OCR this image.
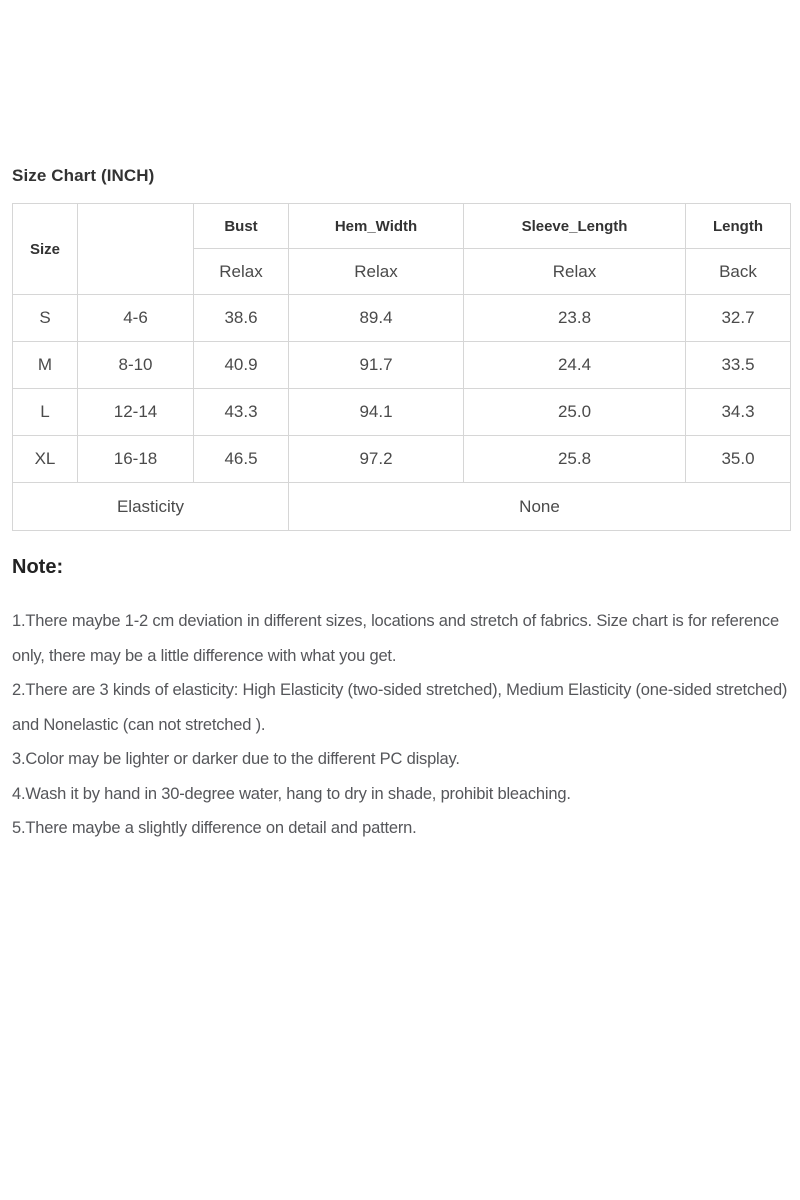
Size Chart (INCH)
Size	US Size	Bust	Hem_Width	Sleeve_Length	Length
		Relax	Relax	Relax	Back
S	4-6	38.6	89.4	23.8	32.7
M	8-10	40.9	91.7	24.4	33.5
L	12-14	43.3	94.1	25.0	34.3
XL	16-18	46.5	97.2	25.8	35.0
Elasticity			None		
Note:

1.There maybe 1-2 cm deviation in different sizes, locations and stretch of fabrics. Size chart is for reference only, there may be a little difference with what you get.

2.There are 3 kinds of elasticity: High Elasticity (two-sided stretched), Medium Elasticity (one-sided stretched) and Nonelastic (can not stretched ).

3.Color may be lighter or darker due to the different PC display.

4.Wash it by hand in 30-degree water, hang to dry in shade, prohibit bleaching.

5.There maybe a slightly difference on detail and pattern.
